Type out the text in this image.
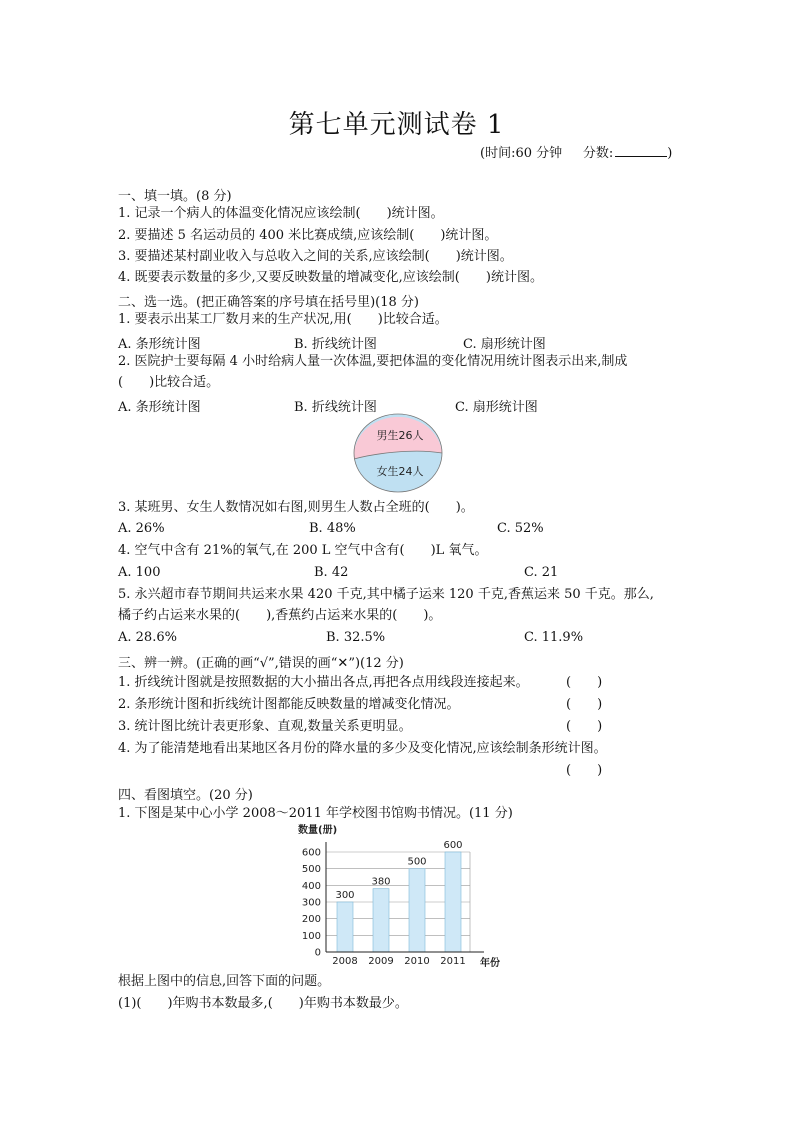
第七单元测试卷 1
(时间:60 分钟 分数:	)
一、填一填。(8 分)
1. 记录一个病人的体温变化情况应该绘制(　　)统计图。
2. 要描述 5 名运动员的 400 米比赛成绩,应该绘制(　　)统计图。
3. 要描述某村副业收入与总收入之间的关系,应该绘制(　　)统计图。
4. 既要表示数量的多少,又要反映数量的增减变化,应该绘制(　　)统计图。
二、选一选。(把正确答案的序号填在括号里)(18 分)
1. 要表示出某工厂数月来的生产状况,用(　　)比较合适。
A. 条形统计图	B. 折线统计图	C. 扇形统计图
2. 医院护士要每隔 4 小时给病人量一次体温,要把体温的变化情况用统计图表示出来,制成
(　　)比较合适。
A. 条形统计图	B. 折线统计图	C. 扇形统计图
男生26人
女生24人
3. 某班男、女生人数情况如右图,则男生人数占全班的(　　)。
A. 26%	B. 48%	C. 52%
4. 空气中含有 21%的氧气,在 200 L 空气中含有(　　)L 氧气。
A. 100	B. 42	C. 21
5. 永兴超市春节期间共运来水果 420 千克,其中橘子运来 120 千克,香蕉运来 50 千克。那么,
橘子约占运来水果的(　　),香蕉约占运来水果的(　　)。
A. 28.6%	B. 32.5%	C. 11.9%
三、辨一辨。(正确的画“√”,错误的画“✕”)(12 分)
1. 折线统计图就是按照数据的大小描出各点,再把各点用线段连接起来。	(　　)
2. 条形统计图和折线统计图都能反映数量的增减变化情况。	(　　)
3. 统计图比统计表更形象、直观,数量关系更明显。	(　　)
4. 为了能清楚地看出某地区各月份的降水量的多少及变化情况,应该绘制条形统计图。
(　　)
四、看图填空。(20 分)
1. 下图是某中心小学 2008～2011 年学校图书馆购书情况。(11 分)
数量(册)
0
100
200
300
400
500
600
300
2008
380
2009
500
2010
600
2011 年份
根据上图中的信息,回答下面的问题。
(1)(　　)年购书本数最多,(　　)年购书本数最少。
